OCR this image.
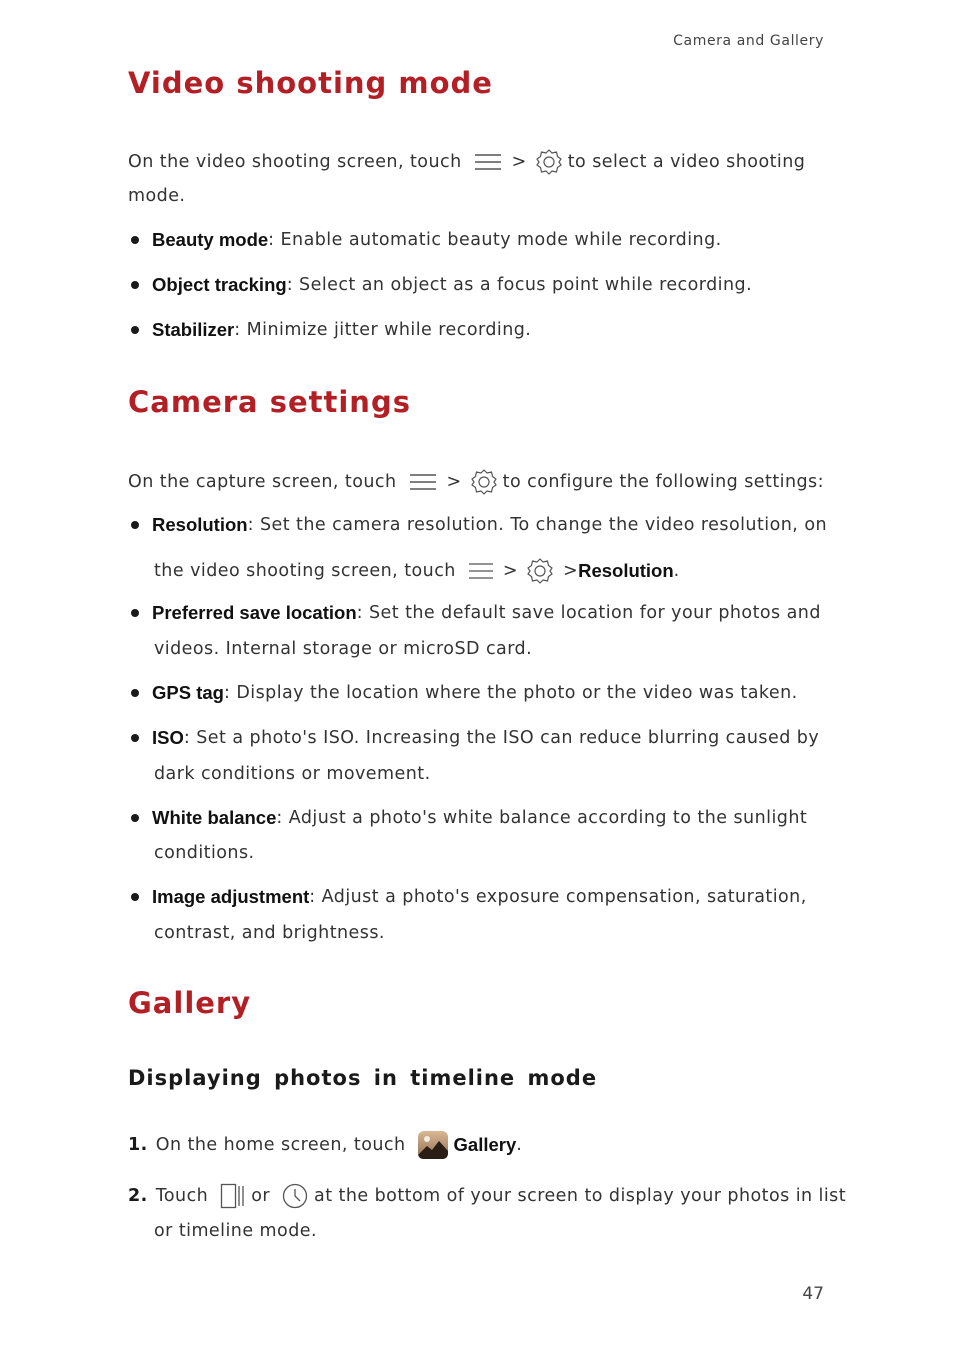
Camera and Gallery
Video shooting mode
On the video shooting screen, touch	> to select a video shooting
mode.
Beauty mode : Enable automatic beauty mode while recording.
Object tracking : Select an object as a focus point while recording.
Stabilizer : Minimize jitter while recording.
Camera settings
On the capture screen, touch	> to configure the following settings:
Resolution : Set the camera resolution. To change the video resolution, on
the video shooting screen, touch	>	> Resolution .
Preferred save location : Set the default save location for your photos and
videos. Internal storage or microSD card.
GPS tag : Display the location where the photo or the video was taken.
ISO : Set a photo's ISO. Increasing the ISO can reduce blurring caused by
dark conditions or movement.
White balance : Adjust a photo's white balance according to the sunlight
conditions.
Image adjustment : Adjust a photo's exposure compensation, saturation,
contrast, and brightness.
Gallery
Displaying photos in timeline mode
1. On the home screen, touch	Gallery .
2. Touch or	at the bottom of your screen to display your photos in list
or timeline mode.
47
